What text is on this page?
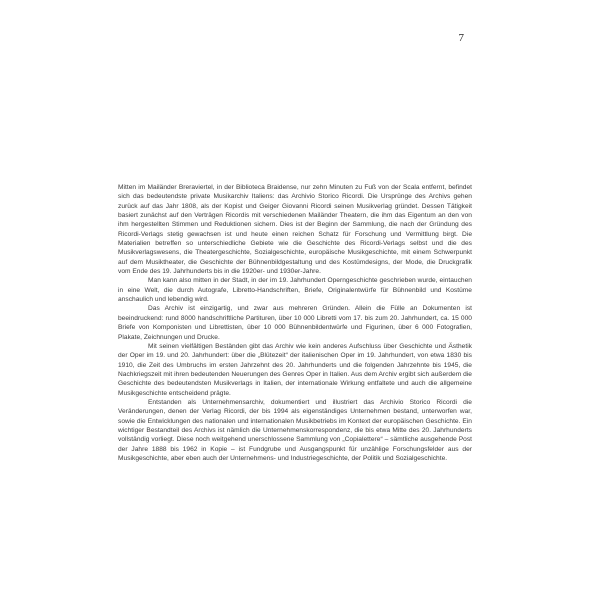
7

Mitten im Mailänder Breraviertel, in der Biblioteca Braidense, nur zehn Minuten zu Fuß von der Scala entfernt, befindet sich das bedeutendste private Musikarchiv Italiens: das Archivio Storico Ricordi. Die Ursprünge des Archivs gehen zurück auf das Jahr 1808, als der Kopist und Geiger Giovanni Ricordi seinen Musikverlag gründet. Dessen Tätigkeit basiert zunächst auf den Verträgen Ricordis mit verschiedenen Mailänder Theatern, die ihm das Eigentum an den von ihm hergestellten Stimmen und Reduktionen sichern. Dies ist der Beginn der Sammlung, die nach der Gründung des Ricordi-Verlags stetig gewachsen ist und heute einen reichen Schatz für Forschung und Vermittlung birgt. Die Materialien betreffen so unterschiedliche Gebiete wie die Geschichte des Ricordi-Verlags selbst und die des Musikverlagswesens, die Theatergeschichte, Sozialgeschichte, europäische Musikgeschichte, mit einem Schwerpunkt auf dem Musiktheater, die Geschichte der Bühnenbildgestaltung und des Kostümdesigns, der Mode, die Druckgrafik vom Ende des 19. Jahrhunderts bis in die 1920er- und 1930er-Jahre.

Man kann also mitten in der Stadt, in der im 19. Jahrhundert Operngeschichte geschrieben wurde, eintauchen in eine Welt, die durch Autografe, Libretto-Handschriften, Briefe, Originalentwürfe für Bühnenbild und Kostüme anschaulich und lebendig wird.

Das Archiv ist einzigartig, und zwar aus mehreren Gründen. Allein die Fülle an Dokumenten ist beeindruckend: rund 8000 handschriftliche Partituren, über 10 000 Libretti vom 17. bis zum 20. Jahrhundert, ca. 15 000 Briefe von Komponisten und Librettisten, über 10 000 Bühnenbildentwürfe und Figurinen, über 6 000 Fotografien, Plakate, Zeichnungen und Drucke.

Mit seinen vielfältigen Beständen gibt das Archiv wie kein anderes Aufschluss über Geschichte und Ästhetik der Oper im 19. und 20. Jahrhundert: über die „Blütezeit“ der italienischen Oper im 19. Jahrhundert, von etwa 1830 bis 1910, die Zeit des Umbruchs im ersten Jahrzehnt des 20. Jahrhunderts und die folgenden Jahrzehnte bis 1945, die Nachkriegszeit mit ihren bedeutenden Neuerungen des Genres Oper in Italien. Aus dem Archiv ergibt sich außerdem die Geschichte des bedeutendsten Musikverlags in Italien, der internationale Wirkung entfaltete und auch die allgemeine Musikgeschichte entscheidend prägte.

Entstanden als Unternehmensarchiv, dokumentiert und illustriert das Archivio Storico Ricordi die Veränderungen, denen der Verlag Ricordi, der bis 1994 als eigenständiges Unternehmen bestand, unterworfen war, sowie die Entwicklungen des nationalen und internationalen Musikbetriebs im Kontext der europäischen Geschichte. Ein wichtiger Bestandteil des Archivs ist nämlich die Unternehmenskorrespondenz, die bis etwa Mitte des 20. Jahrhunderts vollständig vorliegt. Diese noch weitgehend unerschlossene Sammlung von „Copialettere“ – sämtliche ausgehende Post der Jahre 1888 bis 1962 in Kopie – ist Fundgrube und Ausgangspunkt für unzählige Forschungsfelder aus der Musikgeschichte, aber eben auch der Unternehmens- und Industriegeschichte, der Politik und Sozialgeschichte.
